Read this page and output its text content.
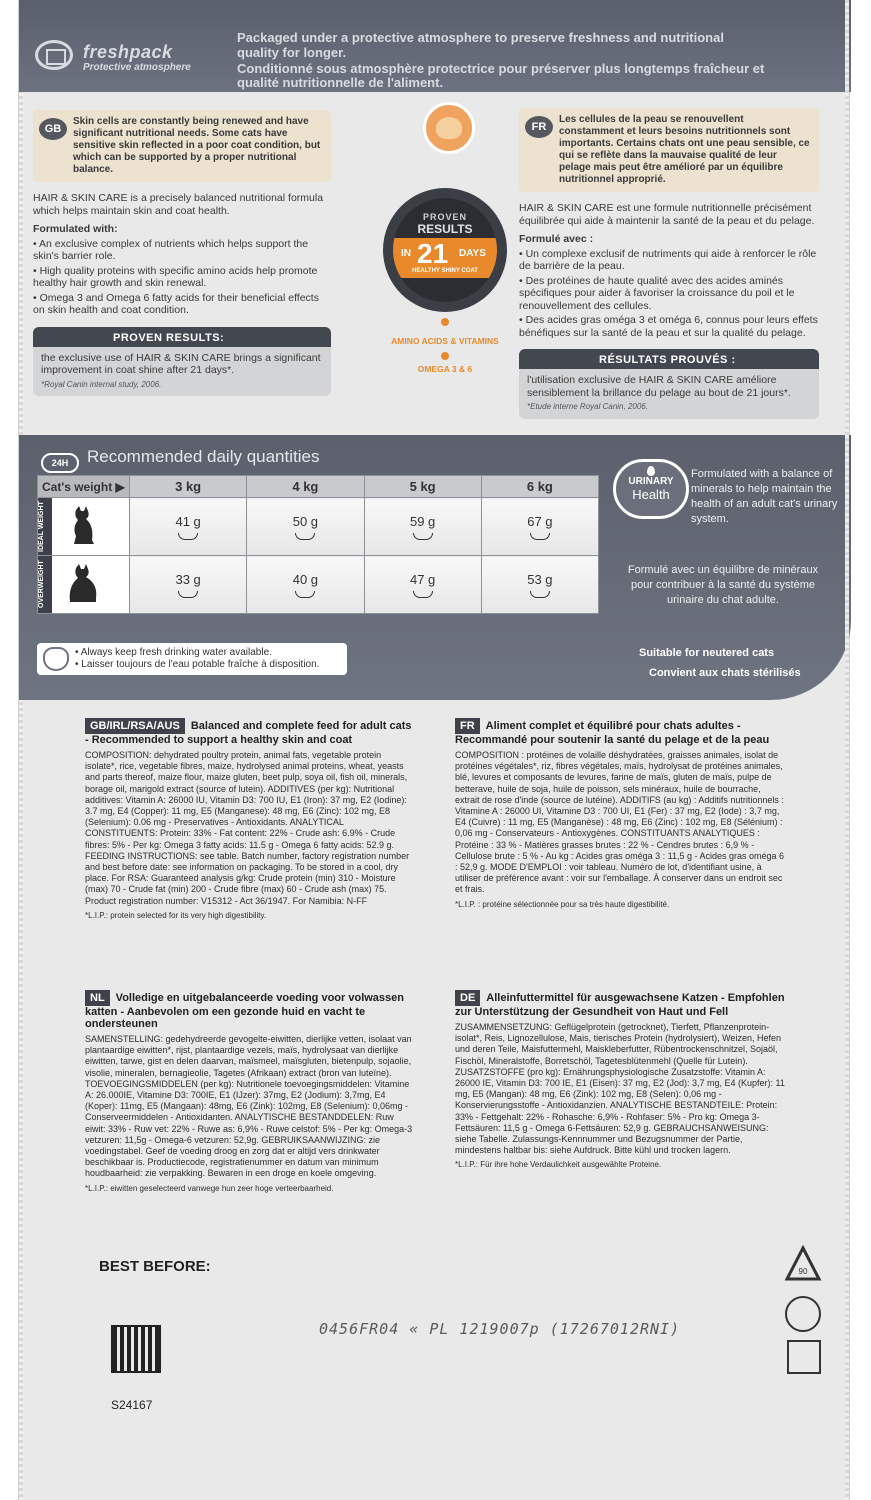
freshpack
Protective atmosphere
Packaged under a protective atmosphere to preserve freshness and nutritional quality for longer.
Conditionné sous atmosphère protectrice pour préserver plus longtemps fraîcheur et qualité nutritionnelle de l'aliment.
GB
Skin cells are constantly being renewed and have significant nutritional needs. Some cats have sensitive skin reflected in a poor coat condition, but which can be supported by a proper nutritional balance.
HAIR & SKIN CARE is a precisely balanced nutritional formula which helps maintain skin and coat health.
Formulated with:
• An exclusive complex of nutrients which helps support the skin's barrier role.
• High quality proteins with specific amino acids help promote healthy hair growth and skin renewal.
• Omega 3 and Omega 6 fatty acids for their beneficial effects on skin health and coat condition.
PROVEN RESULTS:
the exclusive use of HAIR & SKIN CARE brings a significant improvement in coat shine after 21 days*.
*Royal Canin internal study, 2006.
PROVEN
RESULTS
IN 21 DAYS
HEALTHY SHINY COAT
AMINO ACIDS & VITAMINS
OMEGA 3 & 6
FR
Les cellules de la peau se renouvellent constamment et leurs besoins nutritionnels sont importants. Certains chats ont une peau sensible, ce qui se reflète dans la mauvaise qualité de leur pelage mais peut être amélioré par un équilibre nutritionnel approprié.
HAIR & SKIN CARE est une formule nutritionnelle précisément équilibrée qui aide à maintenir la santé de la peau et du pelage.
Formulé avec :
• Un complexe exclusif de nutriments qui aide à renforcer le rôle de barrière de la peau.
• Des protéines de haute qualité avec des acides aminés spécifiques pour aider à favoriser la croissance du poil et le renouvellement des cellules.
• Des acides gras oméga 3 et oméga 6, connus pour leurs effets bénéfiques sur la santé de la peau et sur la qualité du pelage.
RÉSULTATS PROUVÉS :
l'utilisation exclusive de HAIR & SKIN CARE améliore sensiblement la brillance du pelage au bout de 21 jours*.
*Etude interne Royal Canin, 2006.
24H	Recommended daily quantities
Cat's weight ▶	3 kg	4 kg	5 kg	6 kg

IDEAL WEIGHT	41 g	50 g	59 g	67 g

OVERWEIGHT	33 g	40 g	47 g	53 g
• Always keep fresh drinking water available.
• Laisser toujours de l'eau potable fraîche à disposition.
URINARY
Health
Formulated with a balance of minerals to help maintain the health of an adult cat's urinary system.
Formulé avec un équilibre de minéraux pour contribuer à la santé du système urinaire du chat adulte.
Suitable for neutered cats
Convient aux chats stérilisés
GB/IRL/RSA/AUS Balanced and complete feed for adult cats - Recommended to support a healthy skin and coat
COMPOSITION: dehydrated poultry protein, animal fats, vegetable protein isolate*, rice, vegetable fibres, maize, hydrolysed animal proteins, wheat, yeasts and parts thereof, maize flour, maize gluten, beet pulp, soya oil, fish oil, minerals, borage oil, marigold extract (source of lutein). ADDITIVES (per kg): Nutritional additives: Vitamin A: 26000 IU, Vitamin D3: 700 IU, E1 (Iron): 37 mg, E2 (Iodine): 3.7 mg, E4 (Copper): 11 mg, E5 (Manganese): 48 mg, E6 (Zinc): 102 mg, E8 (Selenium): 0.06 mg - Preservatives - Antioxidants. ANALYTICAL CONSTITUENTS: Protein: 33% - Fat content: 22% - Crude ash: 6.9% - Crude fibres: 5% - Per kg: Omega 3 fatty acids: 11.5 g - Omega 6 fatty acids: 52.9 g. FEEDING INSTRUCTIONS: see table. Batch number, factory registration number and best before date: see information on packaging. To be stored in a cool, dry place. For RSA: Guaranteed analysis g/kg: Crude protein (min) 310 - Moisture (max) 70 - Crude fat (min) 200 - Crude fibre (max) 60 - Crude ash (max) 75. Product registration number: V15312 - Act 36/1947. For Namibia: N-FF
*L.I.P.: protein selected for its very high digestibility.
FR Aliment complet et équilibré pour chats adultes - Recommandé pour soutenir la santé du pelage et de la peau
COMPOSITION : protéines de volaille déshydratées, graisses animales, isolat de protéines végétales*, riz, fibres végétales, maïs, hydrolysat de protéines animales, blé, levures et composants de levures, farine de maïs, gluten de maïs, pulpe de betterave, huile de soja, huile de poisson, sels minéraux, huile de bourrache, extrait de rose d'inde (source de lutéine). ADDITIFS (au kg) : Additifs nutritionnels : Vitamine A : 26000 UI, Vitamine D3 : 700 UI, E1 (Fer) : 37 mg, E2 (Iode) : 3,7 mg, E4 (Cuivre) : 11 mg, E5 (Manganèse) : 48 mg, E6 (Zinc) : 102 mg, E8 (Sélénium) : 0,06 mg - Conservateurs - Antioxygènes. CONSTITUANTS ANALYTIQUES : Protéine : 33 % - Matières grasses brutes : 22 % - Cendres brutes : 6,9 % - Cellulose brute : 5 % - Au kg : Acides gras oméga 3 : 11,5 g - Acides gras oméga 6 : 52,9 g. MODE D'EMPLOI : voir tableau. Numéro de lot, d'identifiant usine, à utiliser de préférence avant : voir sur l'emballage. À conserver dans un endroit sec et frais.
*L.I.P. : protéine sélectionnée pour sa très haute digestibilité.
NL Volledige en uitgebalanceerde voeding voor volwassen katten - Aanbevolen om een gezonde huid en vacht te ondersteunen
SAMENSTELLING: gedehydreerde gevogelte-eiwitten, dierlijke vetten, isolaat van plantaardige eiwitten*, rijst, plantaardige vezels, maïs, hydrolysaat van dierlijke eiwitten, tarwe, gist en delen daarvan, maïsmeel, maïsgluten, bietenpulp, sojaolie, visolie, mineralen, bernagieolie, Tagetes (Afrikaan) extract (bron van luteïne). TOEVOEGINGSMIDDELEN (per kg): Nutritionele toevoegingsmiddelen: Vitamine A: 26.000IE, Vitamine D3: 700IE, E1 (IJzer): 37mg, E2 (Jodium): 3,7mg, E4 (Koper): 11mg, E5 (Mangaan): 48mg, E6 (Zink): 102mg, E8 (Selenium): 0,06mg - Conserveermiddelen - Antioxidanten. ANALYTISCHE BESTANDDELEN: Ruw eiwit: 33% - Ruw vet: 22% - Ruwe as: 6,9% - Ruwe celstof: 5% - Per kg: Omega-3 vetzuren: 11,5g - Omega-6 vetzuren: 52,9g. GEBRUIKSAANWIJZING: zie voedingstabel. Geef de voeding droog en zorg dat er altijd vers drinkwater beschikbaar is. Productiecode, registratienummer en datum van minimum houdbaarheid: zie verpakking. Bewaren in een droge en koele omgeving.
*L.I.P.: eiwitten geselecteerd vanwege hun zeer hoge verteerbaarheid.
DE Alleinfuttermittel für ausgewachsene Katzen - Empfohlen zur Unterstützung der Gesundheit von Haut und Fell
ZUSAMMENSETZUNG: Geflügelprotein (getrocknet), Tierfett, Pflanzenprotein-isolat*, Reis, Lignozellulose, Mais, tierisches Protein (hydrolysiert), Weizen, Hefen und deren Teile, Maisfuttermehl, Maiskleberfutter, Rübentrockenschnitzel, Sojaöl, Fischöl, Mineralstoffe, Borretschöl, Tagetesblütenmehl (Quelle für Lutein). ZUSATZSTOFFE (pro kg): Ernährungsphysiologische Zusatzstoffe: Vitamin A: 26000 IE, Vitamin D3: 700 IE, E1 (Eisen): 37 mg, E2 (Jod): 3,7 mg, E4 (Kupfer): 11 mg, E5 (Mangan): 48 mg, E6 (Zink): 102 mg, E8 (Selen): 0,06 mg - Konservierungsstoffe - Antioxidanzien. ANALYTISCHE BESTANDTEILE: Protein: 33% - Fettgehalt: 22% - Rohasche: 6,9% - Rohfaser: 5% - Pro kg: Omega 3-Fettsäuren: 11,5 g - Omega 6-Fettsäuren: 52,9 g. GEBRAUCHSANWEISUNG: siehe Tabelle. Zulassungs-Kennnummer und Bezugsnummer der Partie, mindestens haltbar bis: siehe Aufdruck. Bitte kühl und trocken lagern.
*L.I.P.: Für ihre hohe Verdaulichkeit ausgewählte Proteine.
BEST BEFORE:
0456FR04 « PL 1219007p (17267012RNI)
S24167
90
